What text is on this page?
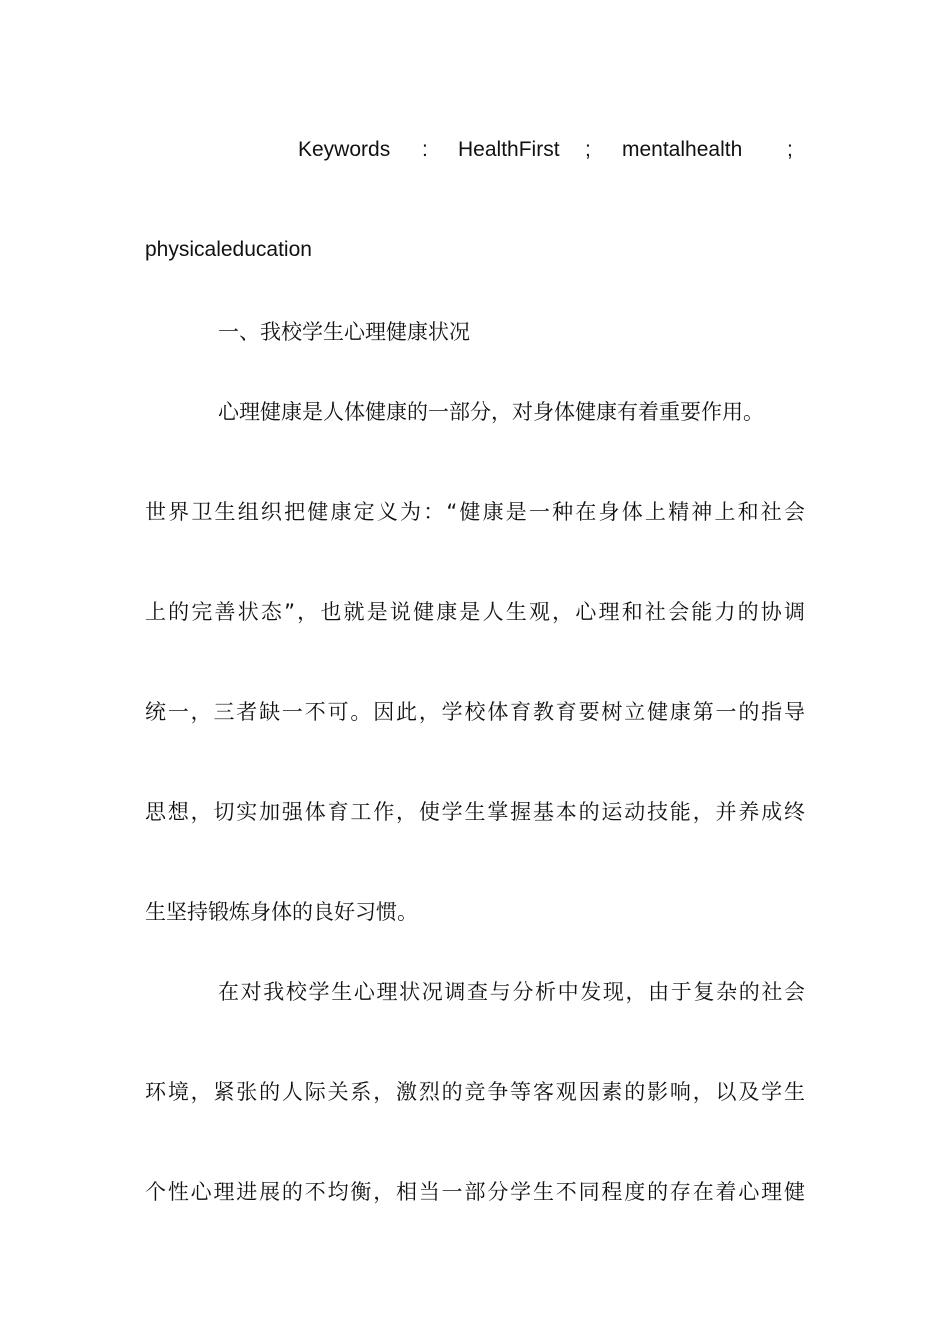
Keywords : HealthFirst ; mentalhealth ;
physicaleducation
一、我校学生心理健康状况
心理健康是人体健康的一部分，对身体健康有着重要作用。
世界卫生组织把健康定义为：“健康是一种在身体上精神上和社会
上的完善状态”，也就是说健康是人生观，心理和社会能力的协调
统一，三者缺一不可。因此，学校体育教育要树立健康第一的指导
思想，切实加强体育工作，使学生掌握基本的运动技能，并养成终
生坚持锻炼身体的良好习惯。
在对我校学生心理状况调查与分析中发现，由于复杂的社会
环境，紧张的人际关系，激烈的竞争等客观因素的影响，以及学生
个性心理进展的不均衡，相当一部分学生不同程度的存在着心理健
